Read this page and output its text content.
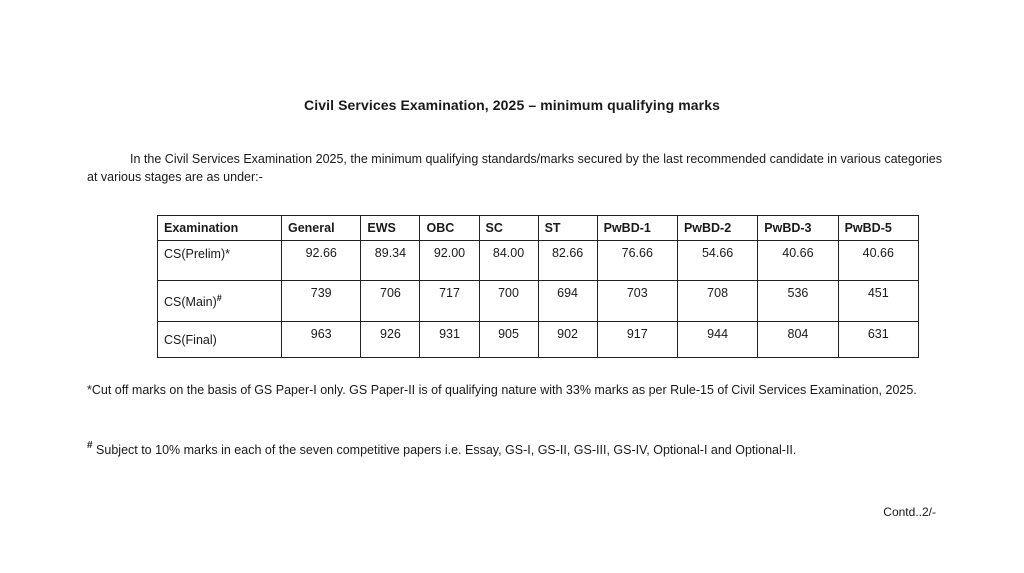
Civil Services Examination, 2025 – minimum qualifying marks
In the Civil Services Examination 2025, the minimum qualifying standards/marks secured by the last recommended candidate in various categories at various stages are as under:-
Examination	General	EWS	OBC	SC	ST	PwBD-1	PwBD-2	PwBD-3	PwBD-5
CS(Prelim)*	92.66	89.34	92.00	84.00	82.66	76.66	54.66	40.66	40.66
CS(Main)#	739	706	717	700	694	703	708	536	451
CS(Final)	963	926	931	905	902	917	944	804	631
*Cut off marks on the basis of GS Paper-I only. GS Paper-II is of qualifying nature with 33% marks as per Rule-15 of Civil Services Examination, 2025.
# Subject to 10% marks in each of the seven competitive papers i.e. Essay, GS-I, GS-II, GS-III, GS-IV, Optional-I and Optional-II.
Contd..2/-
